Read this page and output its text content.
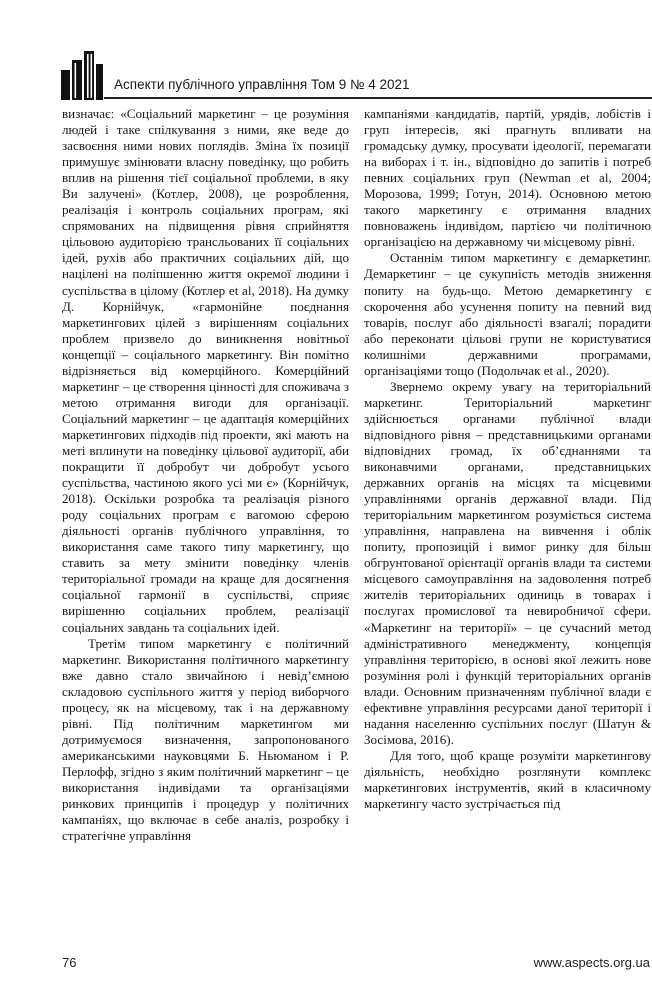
Аспекти публічного управління Том 9 № 4 2021

визначає: «Соціальний маркетинг – це розуміння людей і таке спілкування з ними, яке веде до засвоєння ними нових поглядів. Зміна їх позиції примушує змінювати власну поведінку, що робить вплив на рішення тієї соціальної проблеми, в яку Ви залучені» (Котлер, 2008), це розроблення, реалізація і контроль соціальних програм, які спрямованих на підвищення рівня сприйняття цільовою аудиторією трансльованих її соціальних ідей, рухів або практичних соціальних дій, що націлені на поліпшенню життя окремої людини і суспільства в цілому (Котлер et al, 2018). На думку Д. Корнійчук, «гармонійне поєднання маркетингових цілей з вирішенням соціальних проблем призвело до виникнення новітньої концепції – соціального маркетингу. Він помітно відрізняється від комерційного. Комерційний маркетинг – це створення цінності для споживача з метою отримання вигоди для організації. Соціальний маркетинг – це адаптація комерційних маркетингових підходів під проекти, які мають на меті вплинути на поведінку цільової аудиторії, аби покращити її добробут чи добробут усього суспільства, частиною якого усі ми є» (Корнійчук, 2018). Оскільки розробка та реалізація різного роду соціальних програм є вагомою сферою діяльності органів публічного управління, то використання саме такого типу маркетингу, що ставить за мету змінити поведінку членів територіальної громади на краще для досягнення соціальної гармонії в суспільстві, сприяє вирішенню соціальних проблем, реалізації соціальних завдань та соціальних ідей.

Третім типом маркетингу є політичний маркетинг. Використання політичного маркетингу вже давно стало звичайною і невід’ємною складовою суспільного життя у період виборчого процесу, як на місцевому, так і на державному рівні. Під політичним маркетингом ми дотримуємося визначення, запропонованого американськими науковцями Б. Ньюманом і Р. Перлофф, згідно з яким політичний маркетинг – це використання індивідами та організаціями ринкових принципів і процедур у політичних кампаніях, що включає в себе аналіз, розробку і стратегічне управління

кампаніями кандидатів, партій, урядів, лобістів і груп інтересів, які прагнуть впливати на громадську думку, просувати ідеології, перемагати на виборах і т. ін., відповідно до запитів і потреб певних соціальних груп (Newman et al, 2004; Морозова, 1999; Готун, 2014). Основною метою такого маркетингу є отримання владних повноважень індивідом, партією чи політичною організацією на державному чи місцевому рівні.

Останнім типом маркетингу є демаркетинг. Демаркетинг – це сукупність методів зниження попиту на будь-що. Метою демаркетингу є скорочення або усунення попиту на певний вид товарів, послуг або діяльності взагалі; порадити або переконати цільові групи не користуватися колишніми державними програмами, організаціями тощо (Подольчак et al., 2020).

Звернемо окрему увагу на територіальний маркетинг. Територіальний маркетинг здійснюється органами публічної влади відповідного рівня – представницькими органами відповідних громад, їх об’єднаннями та виконавчими органами, представницьких державних органів на місцях та місцевими управліннями органів державної влади. Під територіальним маркетингом розуміється система управління, направлена на вивчення і облік попиту, пропозицій і вимог ринку для більш обгрунтованої орієнтації органів влади та системи місцевого самоуправління на задоволення потреб жителів територіальних одиниць в товарах і послугах промислової та невиробничої сфери. «Маркетинг на території» – це сучасний метод адміністративного менеджменту, концепція управління територією, в основі якої лежить нове розуміння ролі і функцій територіальних органів влади. Основним призначенням публічної влади є ефективне управління ресурсами даної території і надання населенню суспільних послуг (Шатун & Зосімова, 2016).

Для того, щоб краще розуміти маркетингову діяльність, необхідно розглянути комплекс маркетингових інструментів, який в класичному маркетингу часто зустрічається під

76	www.aspects.org.ua
